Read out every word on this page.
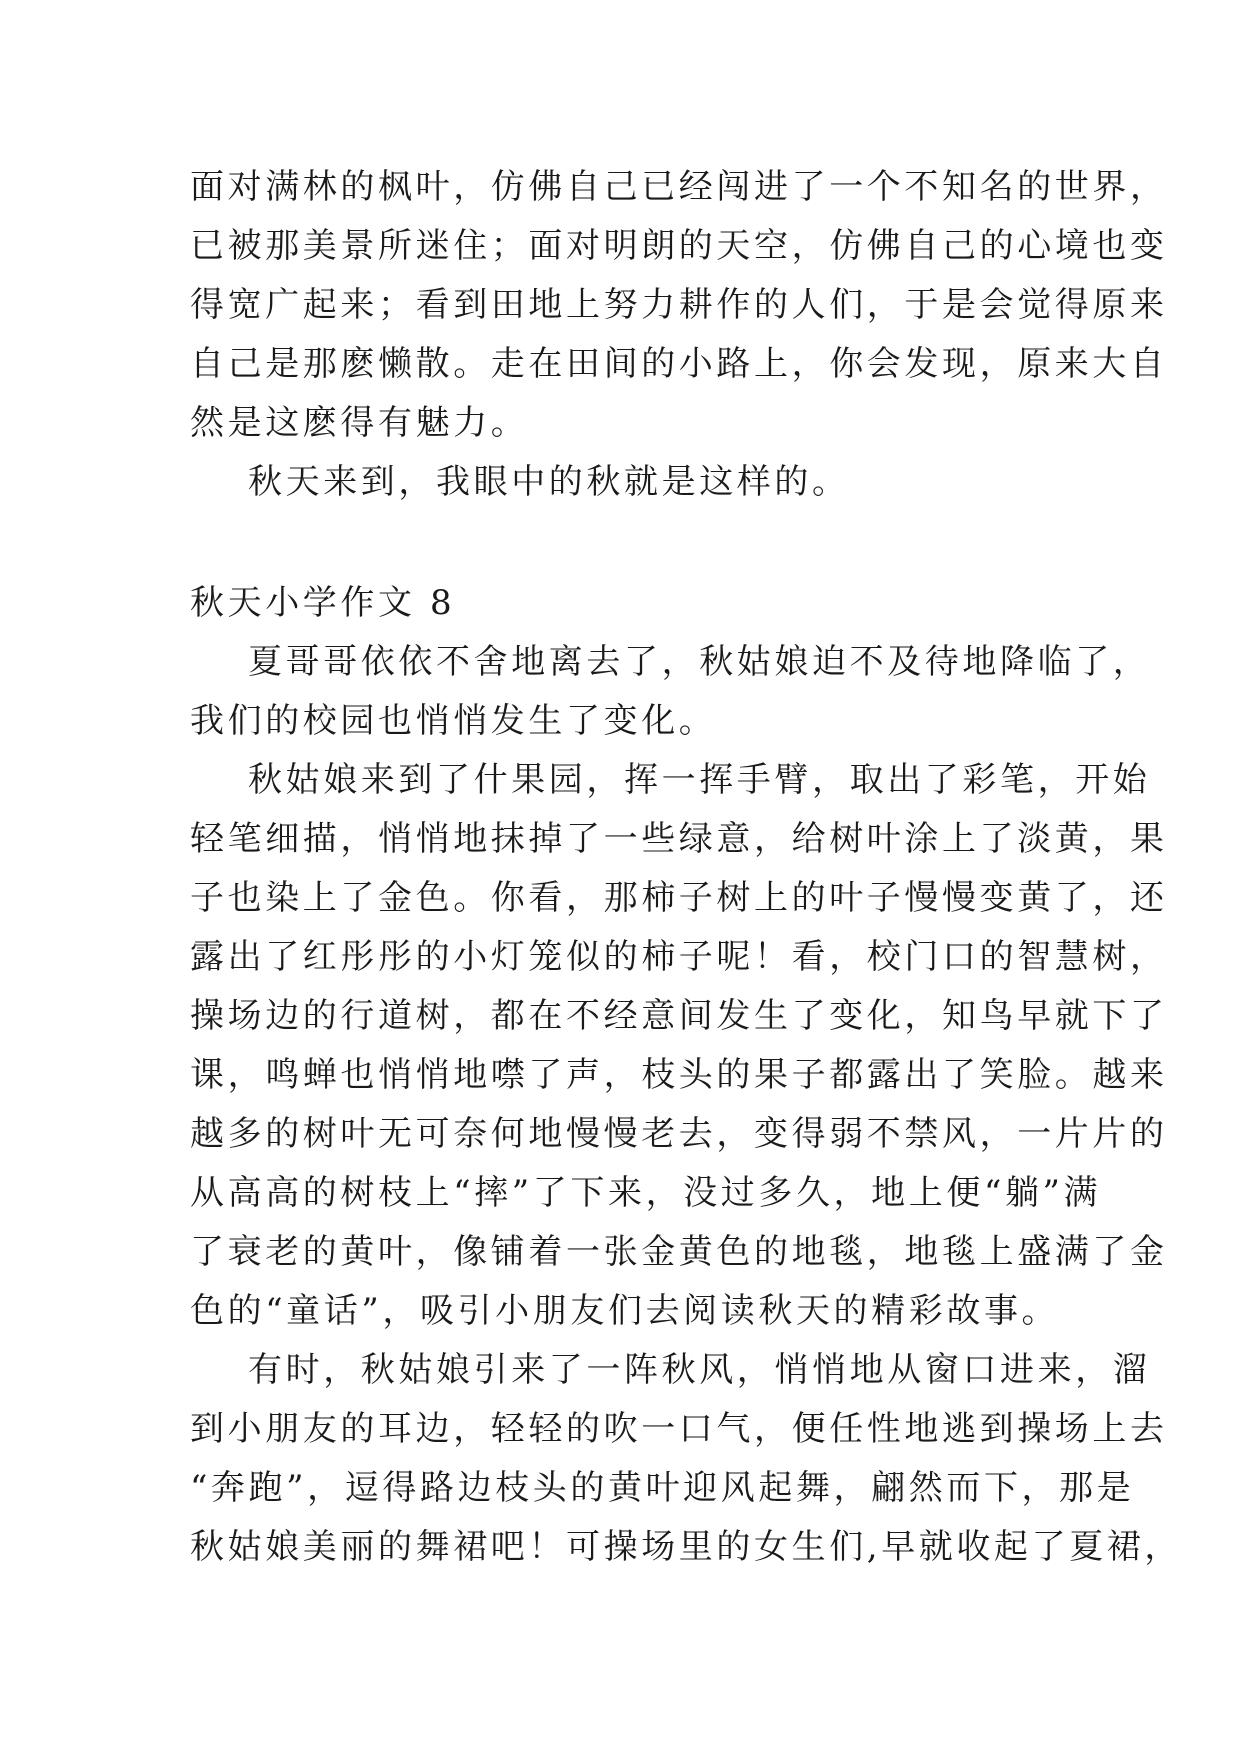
面对满林的枫叶，仿佛自己已经闯进了一个不知名的世界，
已被那美景所迷住；面对明朗的天空，仿佛自己的心境也变
得宽广起来；看到田地上努力耕作的人们，于是会觉得原来
自己是那麽懒散。走在田间的小路上，你会发现，原来大自
然是这麽得有魅力。
秋天来到，我眼中的秋就是这样的。
秋天小学作文 8
夏哥哥依依不舍地离去了，秋姑娘迫不及待地降临了，
我们的校园也悄悄发生了变化。
秋姑娘来到了什果园，挥一挥手臂，取出了彩笔，开始
轻笔细描，悄悄地抹掉了一些绿意，给树叶涂上了淡黄，果
子也染上了金色。你看，那柿子树上的叶子慢慢变黄了，还
露出了红彤彤的小灯笼似的柿子呢！看，校门口的智慧树，
操场边的行道树，都在不经意间发生了变化，知鸟早就下了
课，鸣蝉也悄悄地噤了声，枝头的果子都露出了笑脸。越来
越多的树叶无可奈何地慢慢老去，变得弱不禁风，一片片的
从高高的树枝上“摔”了下来，没过多久，地上便“躺”满
了衰老的黄叶，像铺着一张金黄色的地毯，地毯上盛满了金
色的“童话”，吸引小朋友们去阅读秋天的精彩故事。
有时，秋姑娘引来了一阵秋风，悄悄地从窗口进来，溜
到小朋友的耳边，轻轻的吹一口气，便任性地逃到操场上去
“奔跑”，逗得路边枝头的黄叶迎风起舞，翩然而下，那是
秋姑娘美丽的舞裙吧！可操场里的女生们,早就收起了夏裙，
